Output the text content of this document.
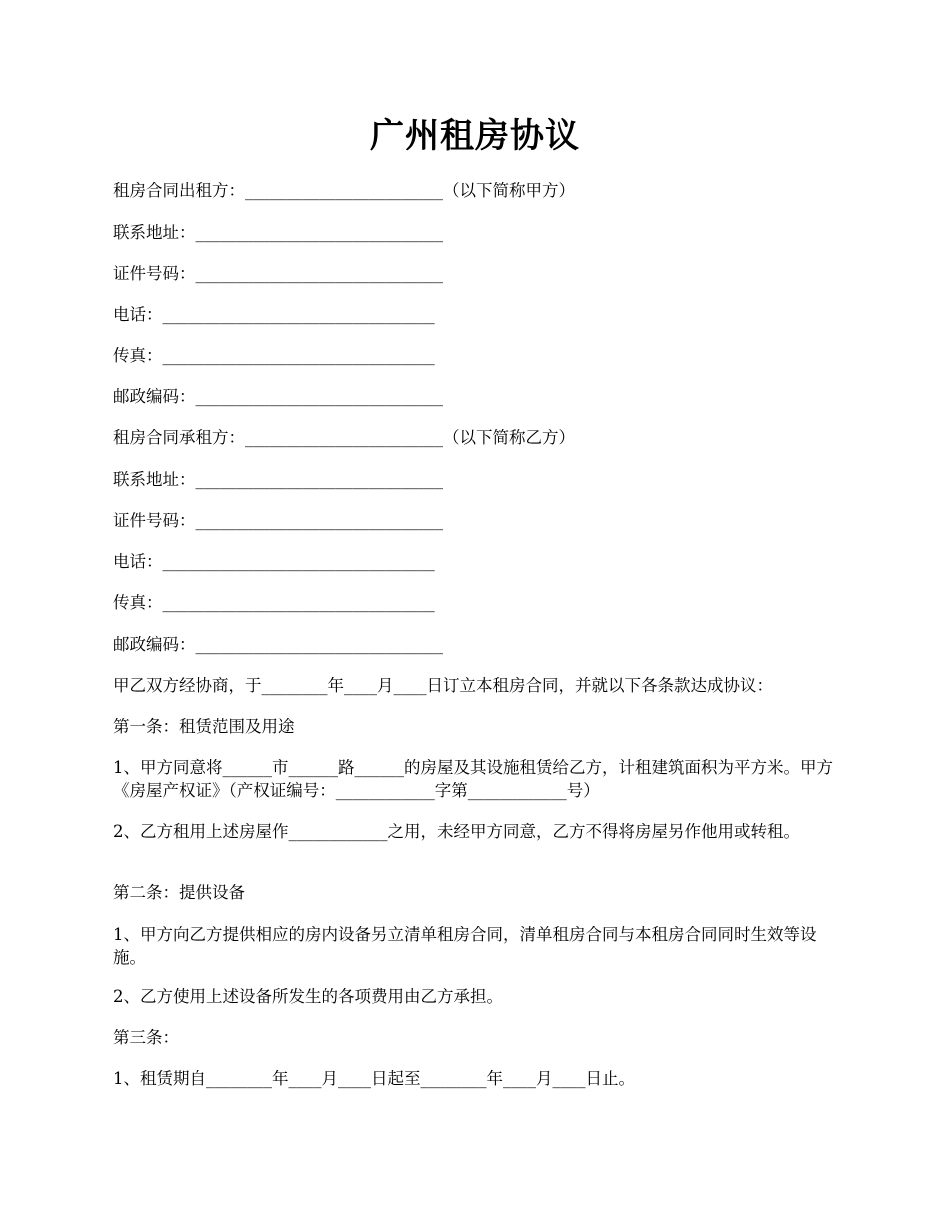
广州租房协议
租房合同出租方：________________________（以下简称甲方）
联系地址：______________________________
证件号码：______________________________
电话：_________________________________
传真：_________________________________
邮政编码：______________________________
租房合同承租方：________________________（以下简称乙方）
联系地址：______________________________
证件号码：______________________________
电话：_________________________________
传真：_________________________________
邮政编码：______________________________
甲乙双方经协商，于________年____月____日订立本租房合同，并就以下各条款达成协议：
第一条：租赁范围及用途
1、甲方同意将______市______路______的房屋及其设施租赁给乙方，计租建筑面积为平方米。甲方《房屋产权证》（产权证编号：____________字第____________号）
2、乙方租用上述房屋作____________之用，未经甲方同意，乙方不得将房屋另作他用或转租。
第二条：提供设备
1、甲方向乙方提供相应的房内设备另立清单租房合同，清单租房合同与本租房合同同时生效等设施。
2、乙方使用上述设备所发生的各项费用由乙方承担。
第三条：
1、租赁期自________年____月____日起至________年____月____日止。
